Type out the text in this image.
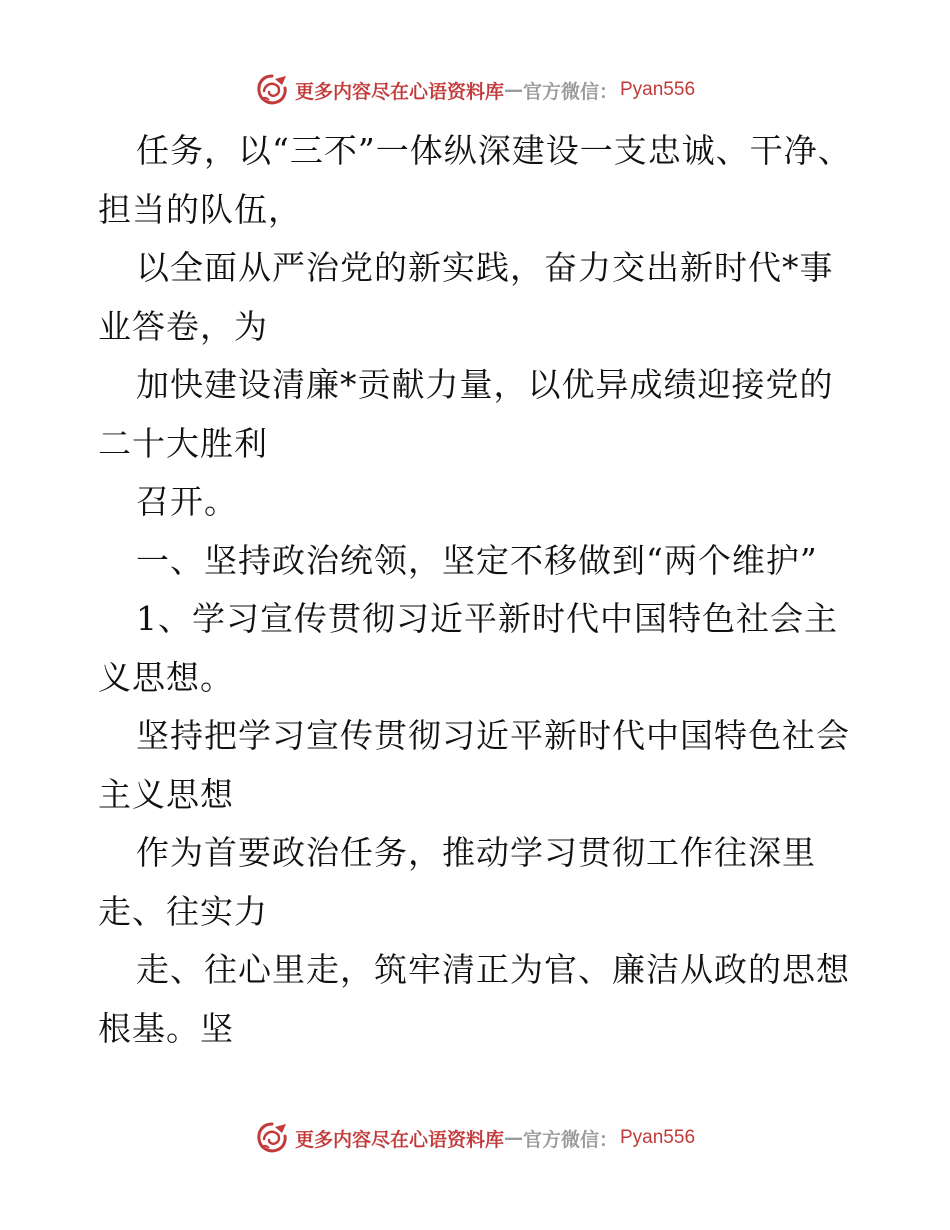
更多内容尽在心语资料库 — 官方微信： Pyan556

任务，以“三不”一体纵深建设一支忠诚、干净、担当的队伍，

以全面从严治党的新实践，奋力交出新时代*事业答卷，为

加快建设清廉*贡献力量，以优异成绩迎接党的二十大胜利

召开。

一、坚持政治统领，坚定不移做到“两个维护”

1、学习宣传贯彻习近平新时代中国特色社会主义思想。

坚持把学习宣传贯彻习近平新时代中国特色社会主义思想

作为首要政治任务，推动学习贯彻工作往深里走、往实力

走、往心里走，筑牢清正为官、廉洁从政的思想根基。坚

更多内容尽在心语资料库 — 官方微信： Pyan556
